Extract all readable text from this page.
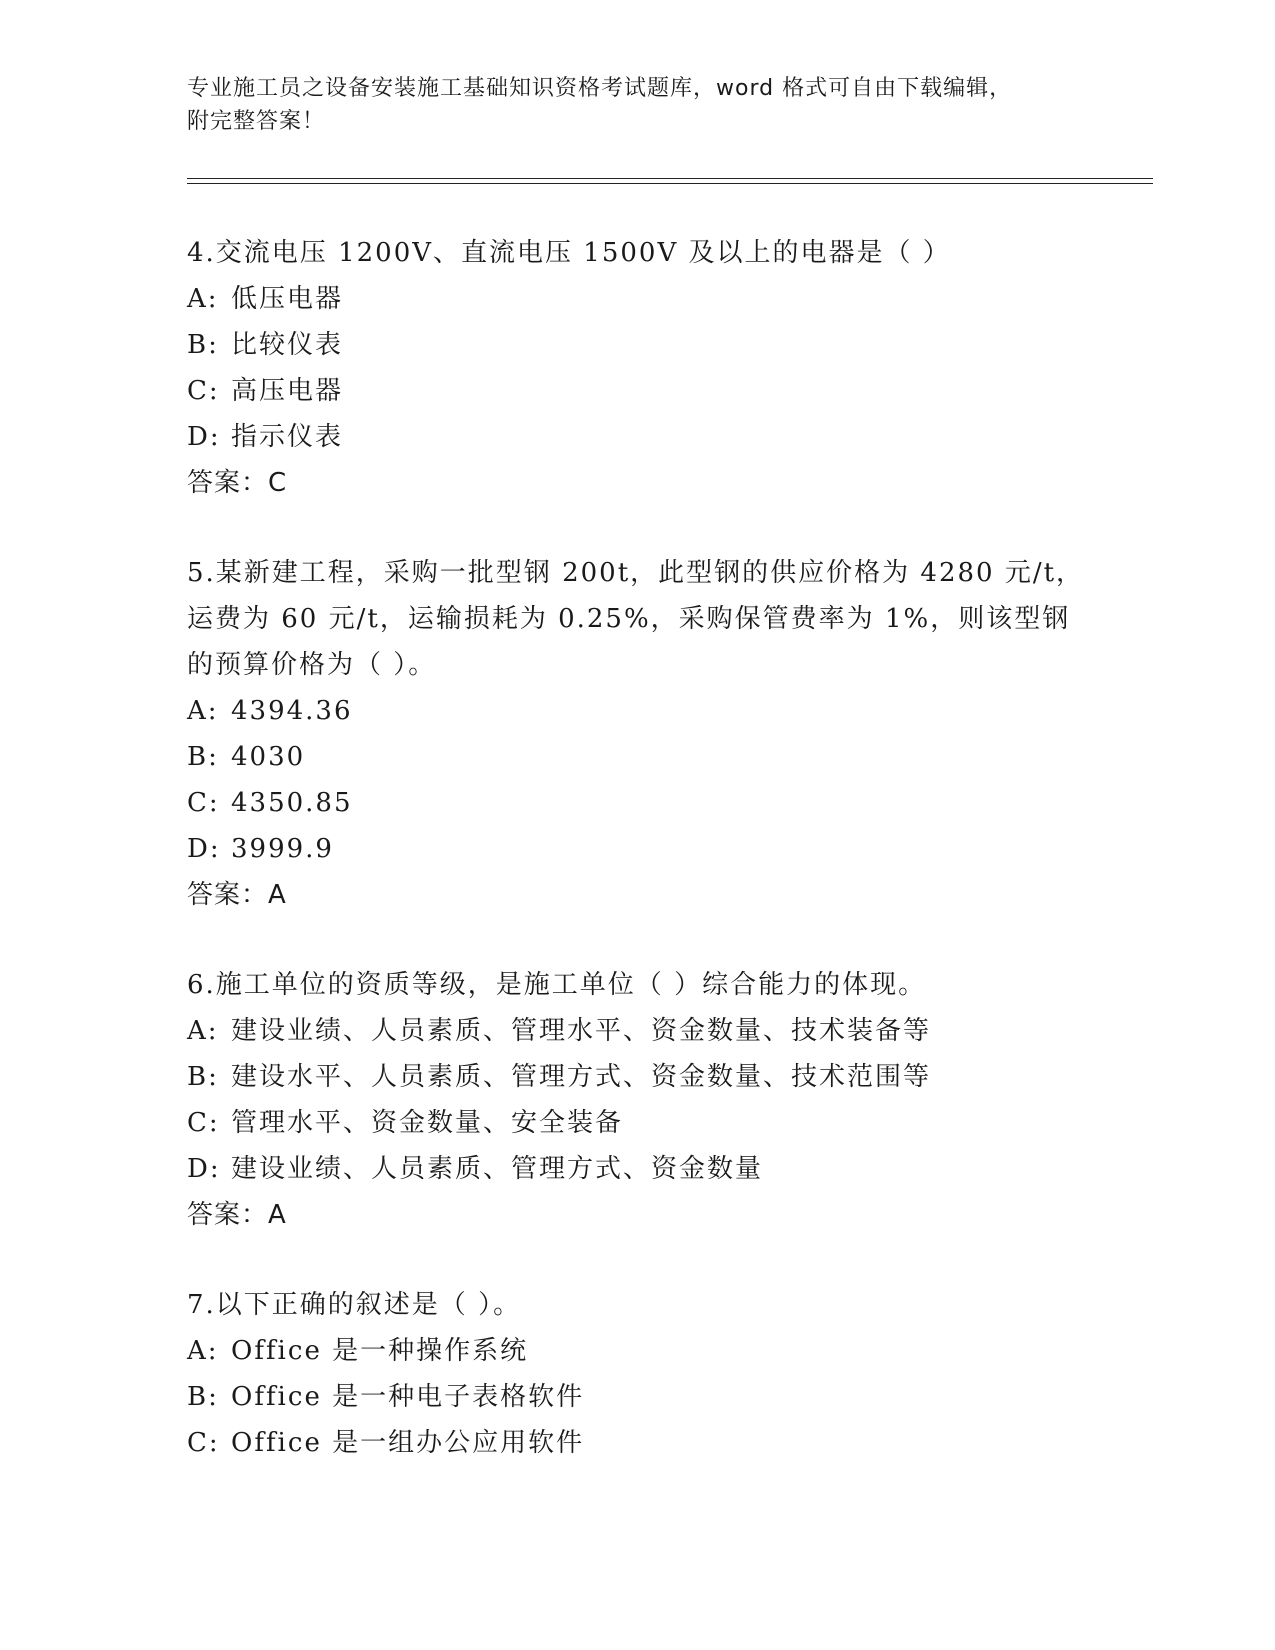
专业施工员之设备安装施工基础知识资格考试题库，word 格式可自由下载编辑，
附完整答案！
4.交流电压 1200V、直流电压 1500V 及以上的电器是（ ）
A: 低压电器
B: 比较仪表
C: 高压电器
D: 指示仪表
答案：C
5.某新建工程，采购一批型钢 200t，此型钢的供应价格为 4280 元/t，
运费为 60 元/t，运输损耗为 0.25%，采购保管费率为 1%，则该型钢
的预算价格为（ ）。
A: 4394.36
B: 4030
C: 4350.85
D: 3999.9
答案：A
6.施工单位的资质等级，是施工单位（ ）综合能力的体现。
A: 建设业绩、人员素质、管理水平、资金数量、技术装备等
B: 建设水平、人员素质、管理方式、资金数量、技术范围等
C: 管理水平、资金数量、安全装备
D: 建设业绩、人员素质、管理方式、资金数量
答案：A
7.以下正确的叙述是（ ）。
A: Office 是一种操作系统
B: Office 是一种电子表格软件
C: Office 是一组办公应用软件
